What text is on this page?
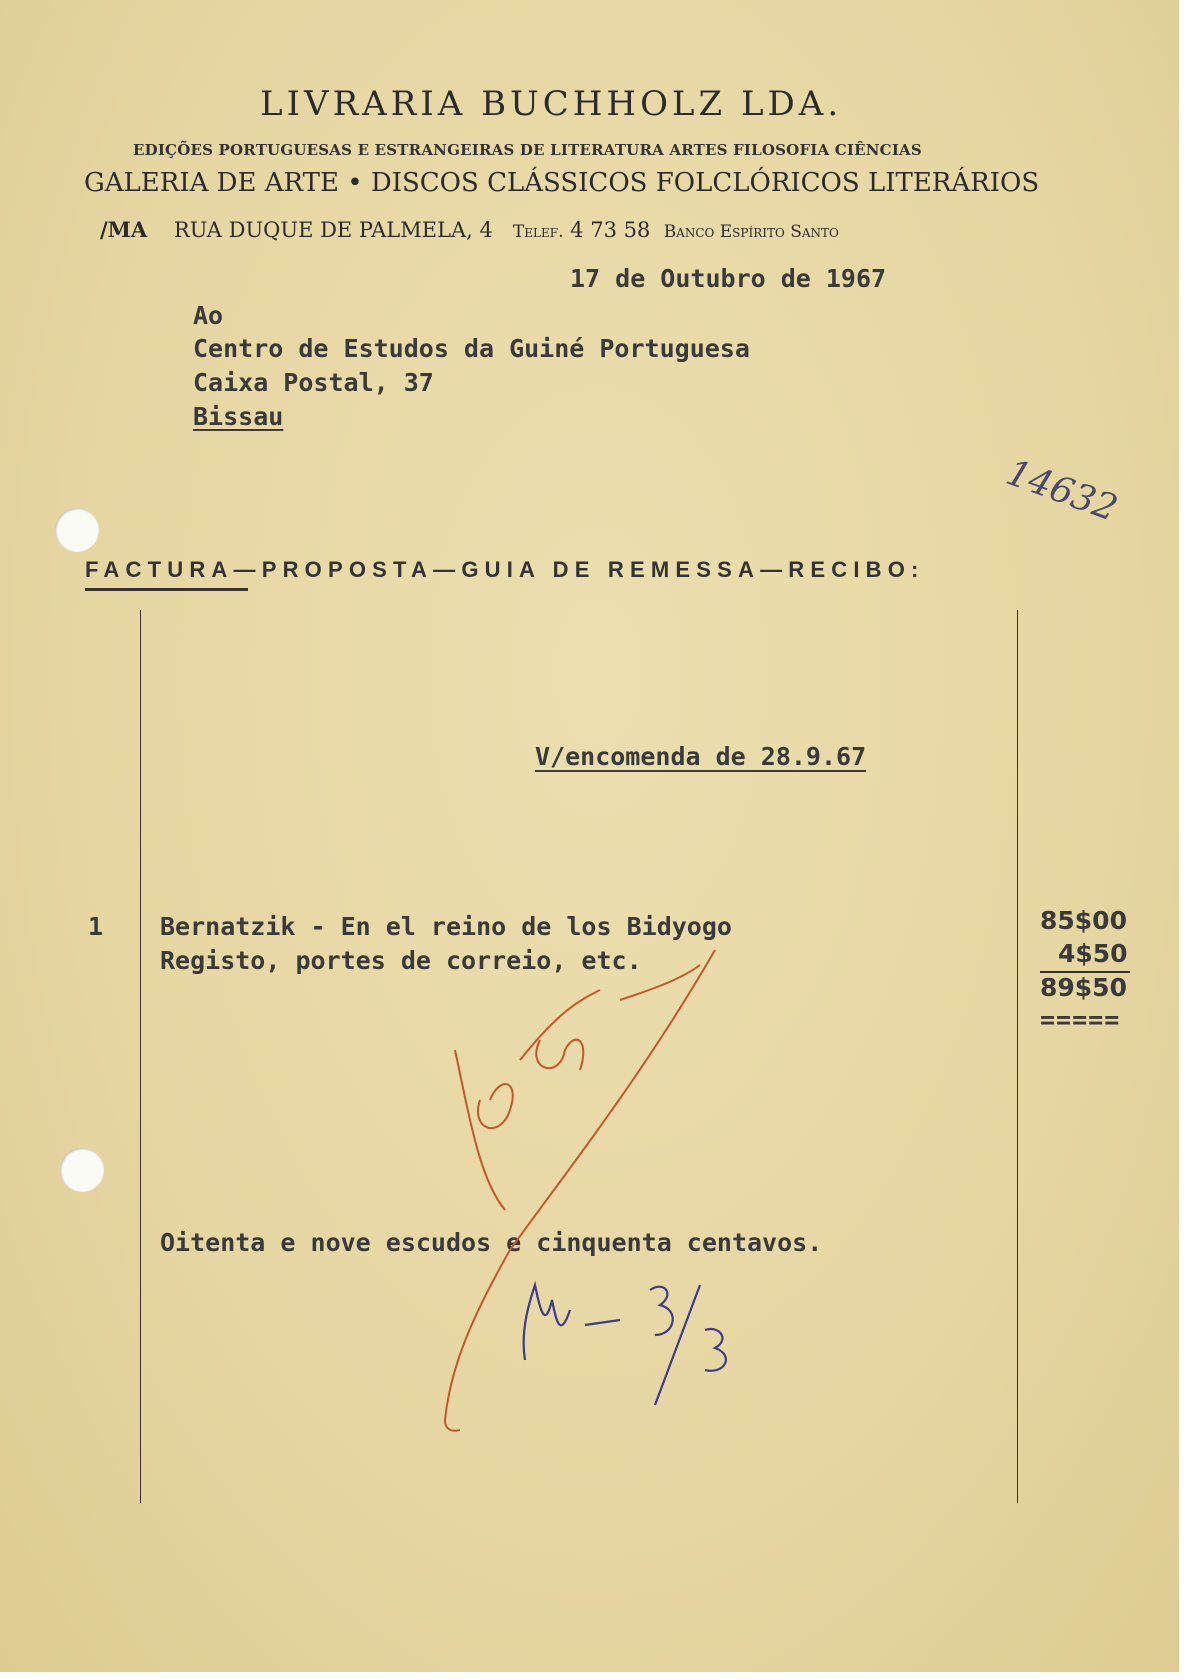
LIVRARIA BUCHHOLZ LDA.
EDIÇÕES PORTUGUESAS E ESTRANGEIRAS DE LITERATURA ARTES FILOSOFIA CIÊNCIAS
GALERIA DE ARTE • DISCOS CLÁSSICOS FOLCLÓRICOS LITERÁRIOS
/MA RUA DUQUE DE PALMELA, 4 Telef. 4 73 58 Banco Espírito Santo
17 de Outubro de 1967
Ao
Centro de Estudos da Guiné Portuguesa
Caixa Postal, 37
Bissau
14632
FACTURA—PROPOSTA—GUIA DE REMESSA—RECIBO:
V/encomenda de 28.9.67
1 Bernatzik - En el reino de los Bidyogo
Registo, portes de correio, etc.
85$00
4$50
89$50
=====
Oitenta e nove escudos e cinquenta centavos.
